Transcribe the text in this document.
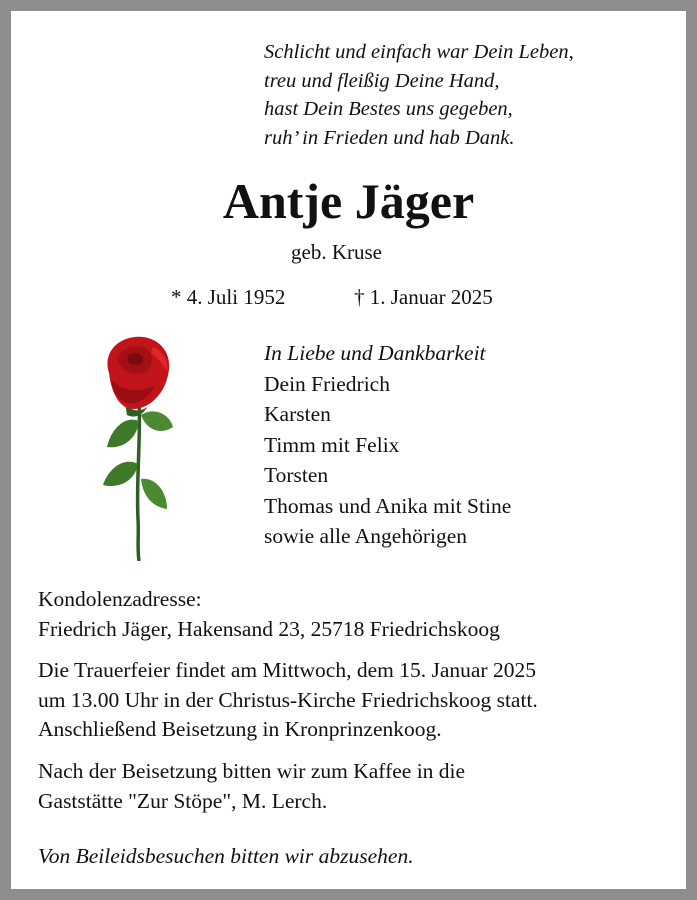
Schlicht und einfach war Dein Leben,
treu und fleißig Deine Hand,
hast Dein Bestes uns gegeben,
ruh’ in Frieden und hab Dank.
Antje Jäger
geb. Kruse
* 4. Juli 1952	† 1. Januar 2025
In Liebe und Dankbarkeit
Dein Friedrich
Karsten
Timm mit Felix
Torsten
Thomas und Anika mit Stine
sowie alle Angehörigen
Kondolenzadresse:
Friedrich Jäger, Hakensand 23, 25718 Friedrichskoog
Die Trauerfeier findet am Mittwoch, dem 15. Januar 2025
um 13.00 Uhr in der Christus-Kirche Friedrichskoog statt.
Anschließend Beisetzung in Kronprinzenkoog.
Nach der Beisetzung bitten wir zum Kaffee in die
Gaststätte "Zur Stöpe", M. Lerch.
Von Beileidsbesuchen bitten wir abzusehen.
